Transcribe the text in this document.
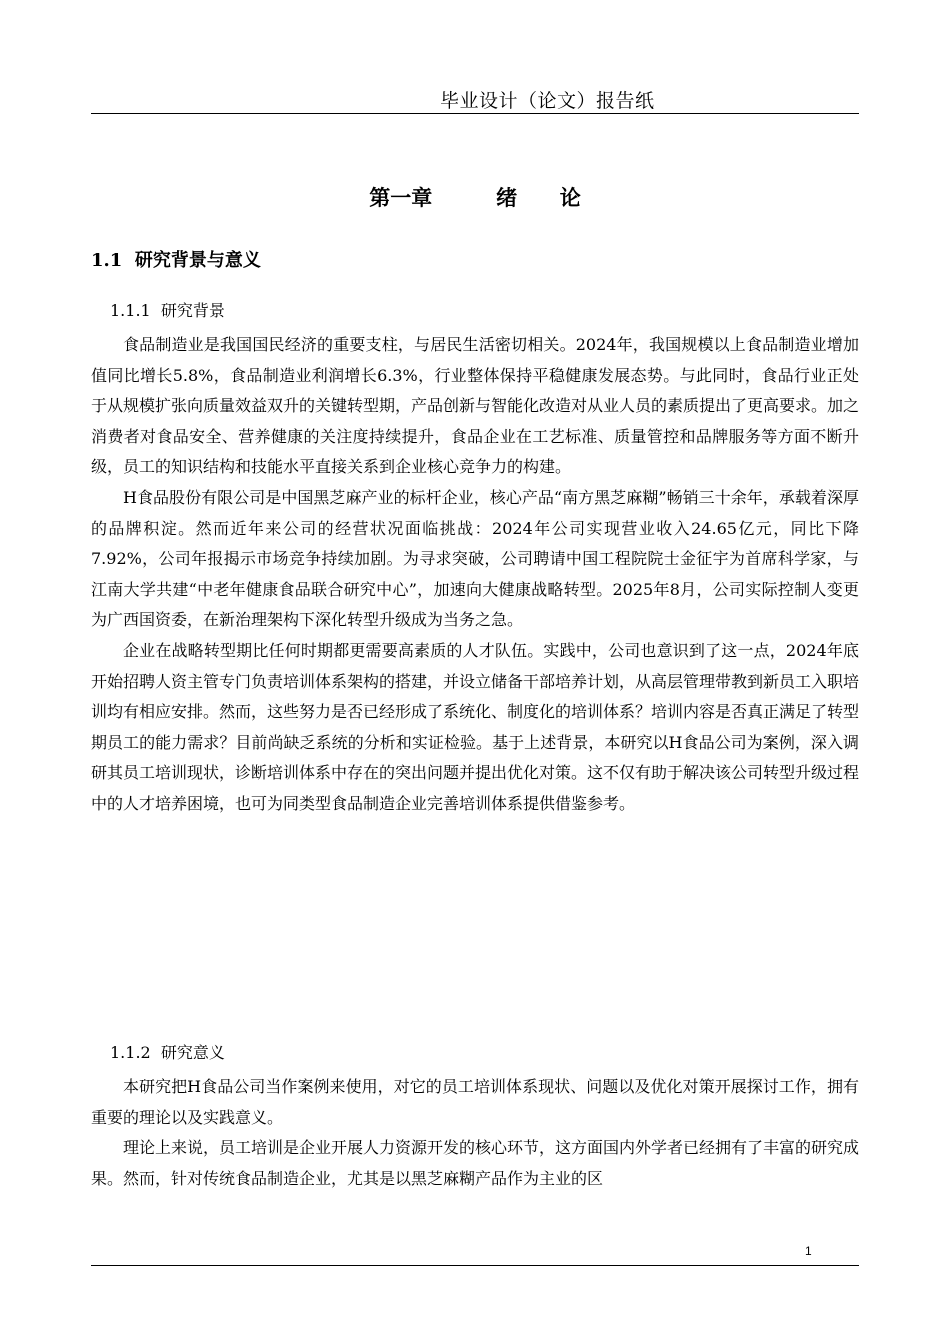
毕业设计（论文）报告纸
第一章   绪  论
1.1  研究背景与意义
1.1.1  研究背景

食品制造业是我国国民经济的重要支柱，与居民生活密切相关。2024年，我国规模以上食品制造业增加值同比增长5.8%，食品制造业利润增长6.3%，行业整体保持平稳健康发展态势。与此同时，食品行业正处于从规模扩张向质量效益双升的关键转型期，产品创新与智能化改造对从业人员的素质提出了更高要求。加之消费者对食品安全、营养健康的关注度持续提升，食品企业在工艺标准、质量管控和品牌服务等方面不断升级，员工的知识结构和技能水平直接关系到企业核心竞争力的构建。

H食品股份有限公司是中国黑芝麻产业的标杆企业，核心产品“南方黑芝麻糊”畅销三十余年，承载着深厚的品牌积淀。然而近年来公司的经营状况面临挑战：2024年公司实现营业收入24.65亿元，同比下降7.92%，公司年报揭示市场竞争持续加剧。为寻求突破，公司聘请中国工程院院士金征宇为首席科学家，与江南大学共建“中老年健康食品联合研究中心”，加速向大健康战略转型。2025年8月，公司实际控制人变更为广西国资委，在新治理架构下深化转型升级成为当务之急。

企业在战略转型期比任何时期都更需要高素质的人才队伍。实践中，公司也意识到了这一点，2024年底开始招聘人资主管专门负责培训体系架构的搭建，并设立储备干部培养计划，从高层管理带教到新员工入职培训均有相应安排。然而，这些努力是否已经形成了系统化、制度化的培训体系？培训内容是否真正满足了转型期员工的能力需求？目前尚缺乏系统的分析和实证检验。基于上述背景，本研究以H食品公司为案例，深入调研其员工培训现状，诊断培训体系中存在的突出问题并提出优化对策。这不仅有助于解决该公司转型升级过程中的人才培养困境，也可为同类型食品制造企业完善培训体系提供借鉴参考。

1.1.2  研究意义

本研究把H食品公司当作案例来使用，对它的员工培训体系现状、问题以及优化对策开展探讨工作，拥有重要的理论以及实践意义。

理论上来说，员工培训是企业开展人力资源开发的核心环节，这方面国内外学者已经拥有了丰富的研究成果。然而，针对传统食品制造企业，尤其是以黑芝麻糊产品作为主业的区

1
